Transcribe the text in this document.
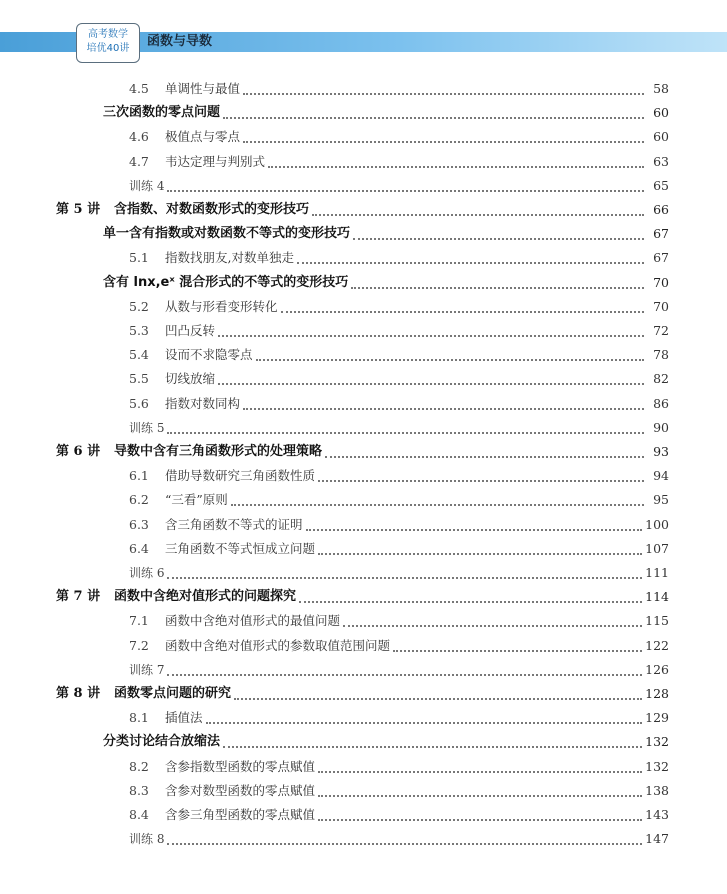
高考数学
培优40讲	函数与导数
4.5	单调性与最值	58
三次函数的零点问题	60
4.6	极值点与零点	60
4.7	韦达定理与判别式	63
训练 4	65
第 5 讲	含指数、对数函数形式的变形技巧	66
单一含有指数或对数函数不等式的变形技巧	67
5.1	指数找朋友,对数单独走	67
含有 lnx,eˣ 混合形式的不等式的变形技巧	70
5.2	从数与形看变形转化	70
5.3	凹凸反转	72
5.4	设而不求隐零点	78
5.5	切线放缩	82
5.6	指数对数同构	86
训练 5	90
第 6 讲	导数中含有三角函数形式的处理策略	93
6.1	借助导数研究三角函数性质	94
6.2	“三看”原则	95
6.3	含三角函数不等式的证明	100
6.4	三角函数不等式恒成立问题	107
训练 6	111
第 7 讲	函数中含绝对值形式的问题探究	114
7.1	函数中含绝对值形式的最值问题	115
7.2	函数中含绝对值形式的参数取值范围问题	122
训练 7	126
第 8 讲	函数零点问题的研究	128
8.1	插值法	129
分类讨论结合放缩法	132
8.2	含参指数型函数的零点赋值	132
8.3	含参对数型函数的零点赋值	138
8.4	含参三角型函数的零点赋值	143
训练 8	147
